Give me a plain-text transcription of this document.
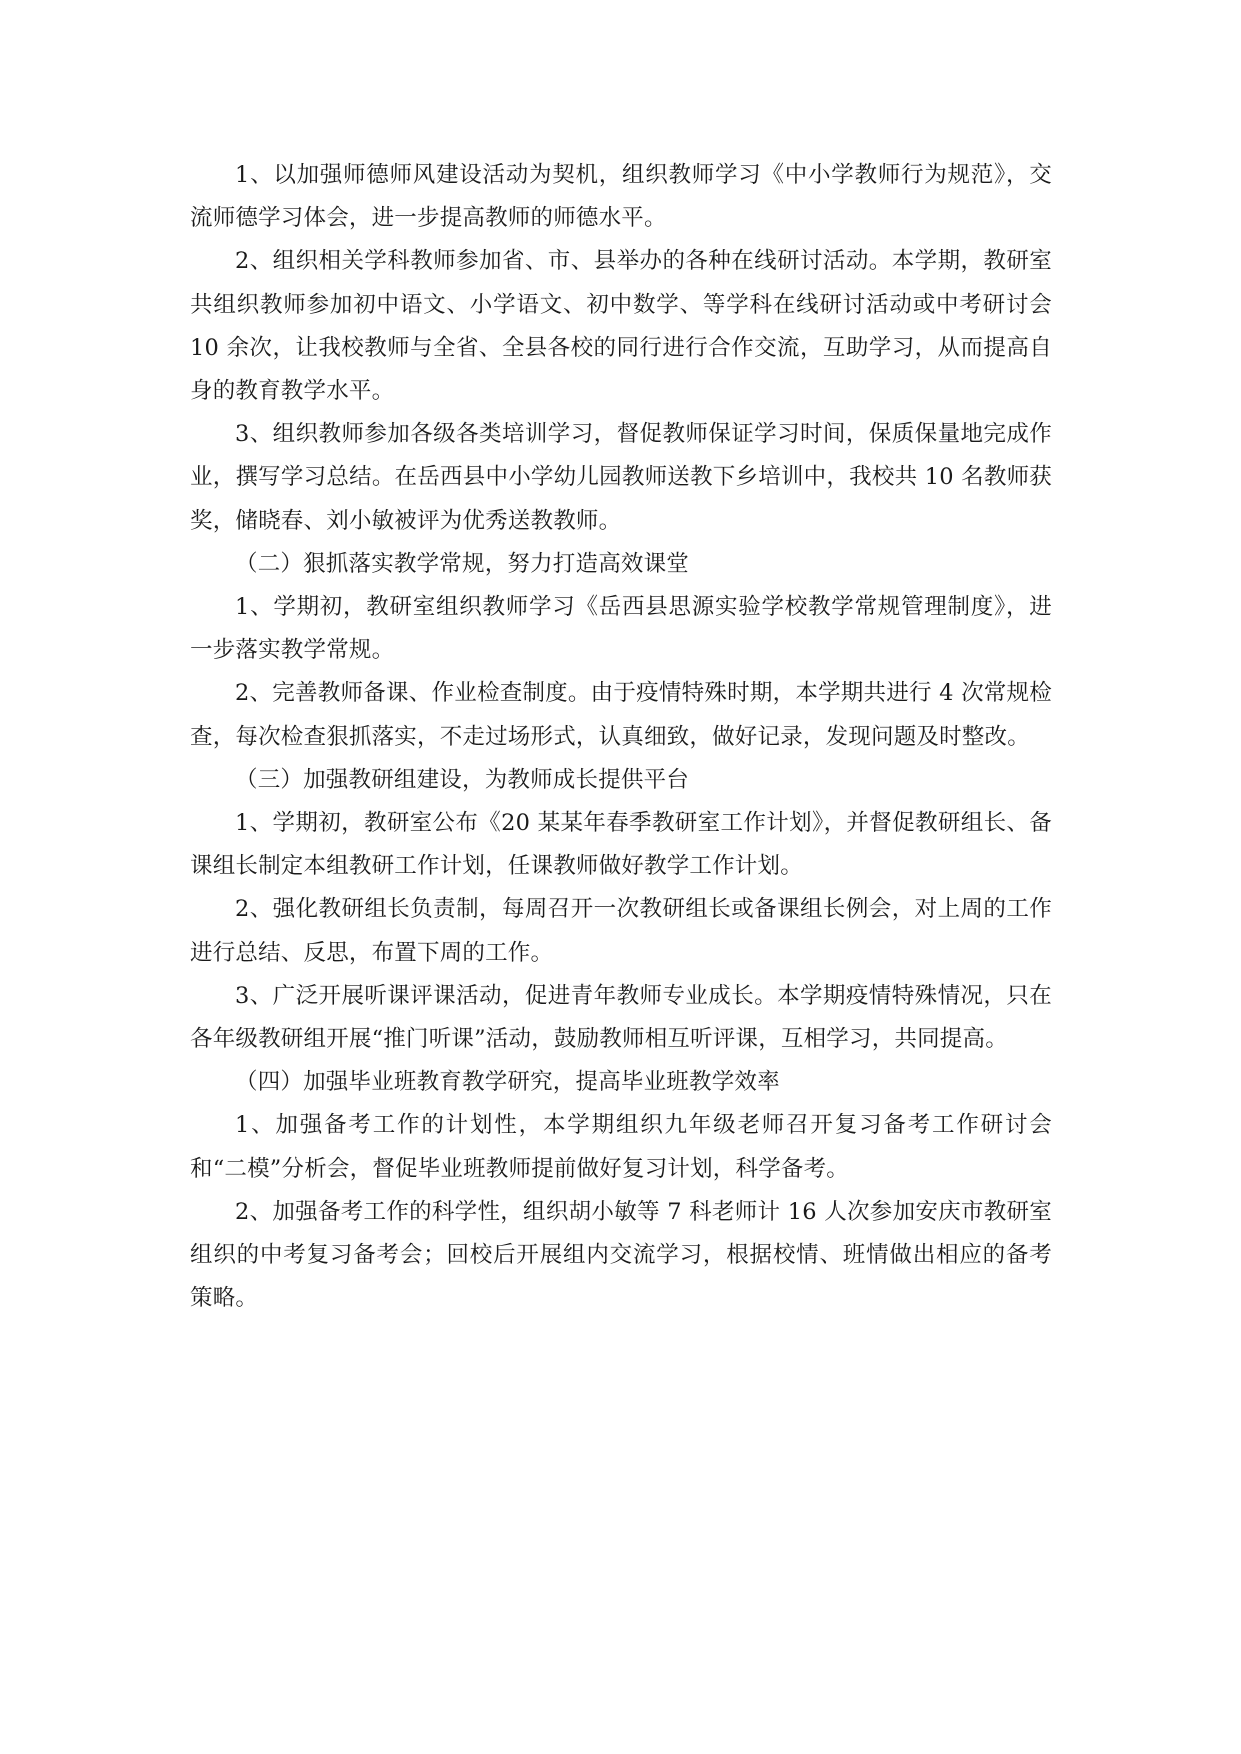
1、以加强师德师风建设活动为契机，组织教师学习《中小学教师行为规范》，交流师德学习体会，进一步提高教师的师德水平。

2、组织相关学科教师参加省、市、县举办的各种在线研讨活动。本学期，教研室共组织教师参加初中语文、小学语文、初中数学、等学科在线研讨活动或中考研讨会 10 余次，让我校教师与全省、全县各校的同行进行合作交流，互助学习，从而提高自身的教育教学水平。

3、组织教师参加各级各类培训学习，督促教师保证学习时间，保质保量地完成作业，撰写学习总结。在岳西县中小学幼儿园教师送教下乡培训中，我校共 10 名教师获奖，储晓春、刘小敏被评为优秀送教教师。

（二）狠抓落实教学常规，努力打造高效课堂

1、学期初，教研室组织教师学习《岳西县思源实验学校教学常规管理制度》，进一步落实教学常规。

2、完善教师备课、作业检查制度。由于疫情特殊时期，本学期共进行 4 次常规检查，每次检查狠抓落实，不走过场形式，认真细致，做好记录，发现问题及时整改。

（三）加强教研组建设，为教师成长提供平台

1、学期初，教研室公布《20 某某年春季教研室工作计划》，并督促教研组长、备课组长制定本组教研工作计划，任课教师做好教学工作计划。

2、强化教研组长负责制，每周召开一次教研组长或备课组长例会，对上周的工作进行总结、反思，布置下周的工作。

3、广泛开展听课评课活动，促进青年教师专业成长。本学期疫情特殊情况，只在各年级教研组开展“推门听课”活动，鼓励教师相互听评课，互相学习，共同提高。

（四）加强毕业班教育教学研究，提高毕业班教学效率

1、加强备考工作的计划性，本学期组织九年级老师召开复习备考工作研讨会和“二模”分析会，督促毕业班教师提前做好复习计划，科学备考。

2、加强备考工作的科学性，组织胡小敏等 7 科老师计 16 人次参加安庆市教研室组织的中考复习备考会；回校后开展组内交流学习，根据校情、班情做出相应的备考策略。
